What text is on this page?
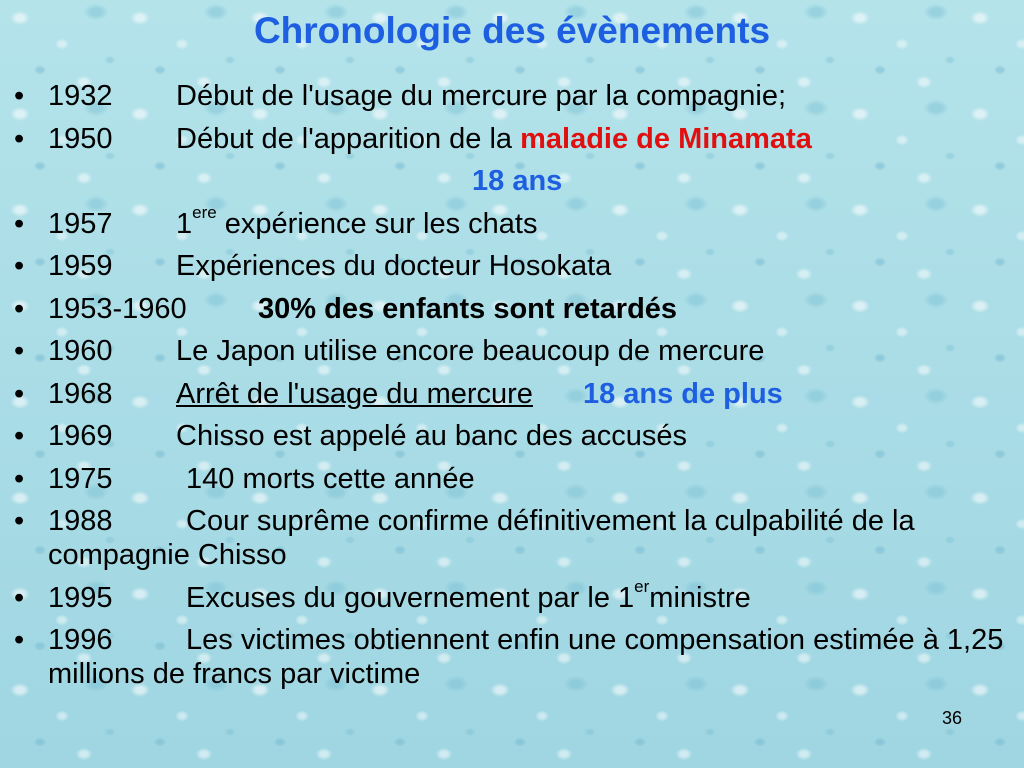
Chronologie des évènements
• 1932 Début de l'usage du mercure par la compagnie;
• 1950 Début de l'apparition de la maladie de Minamata
18 ans
• 1957 1ere expérience sur les chats
• 1959 Expériences du docteur Hosokata
• 1953-1960 30% des enfants sont retardés
• 1960 Le Japon utilise encore beaucoup de mercure
• 1968 Arrêt de l'usage du mercure 18 ans de plus
• 1969 Chisso est appelé au banc des accusés
• 1975	140 morts cette année
• 1988	Cour suprême confirme définitivement la culpabilité de la compagnie Chisso
• 1995	Excuses du gouvernement par le 1erministre
• 1996	Les victimes obtiennent enfin une compensation estimée à 1,25 millions de francs par victime
36
